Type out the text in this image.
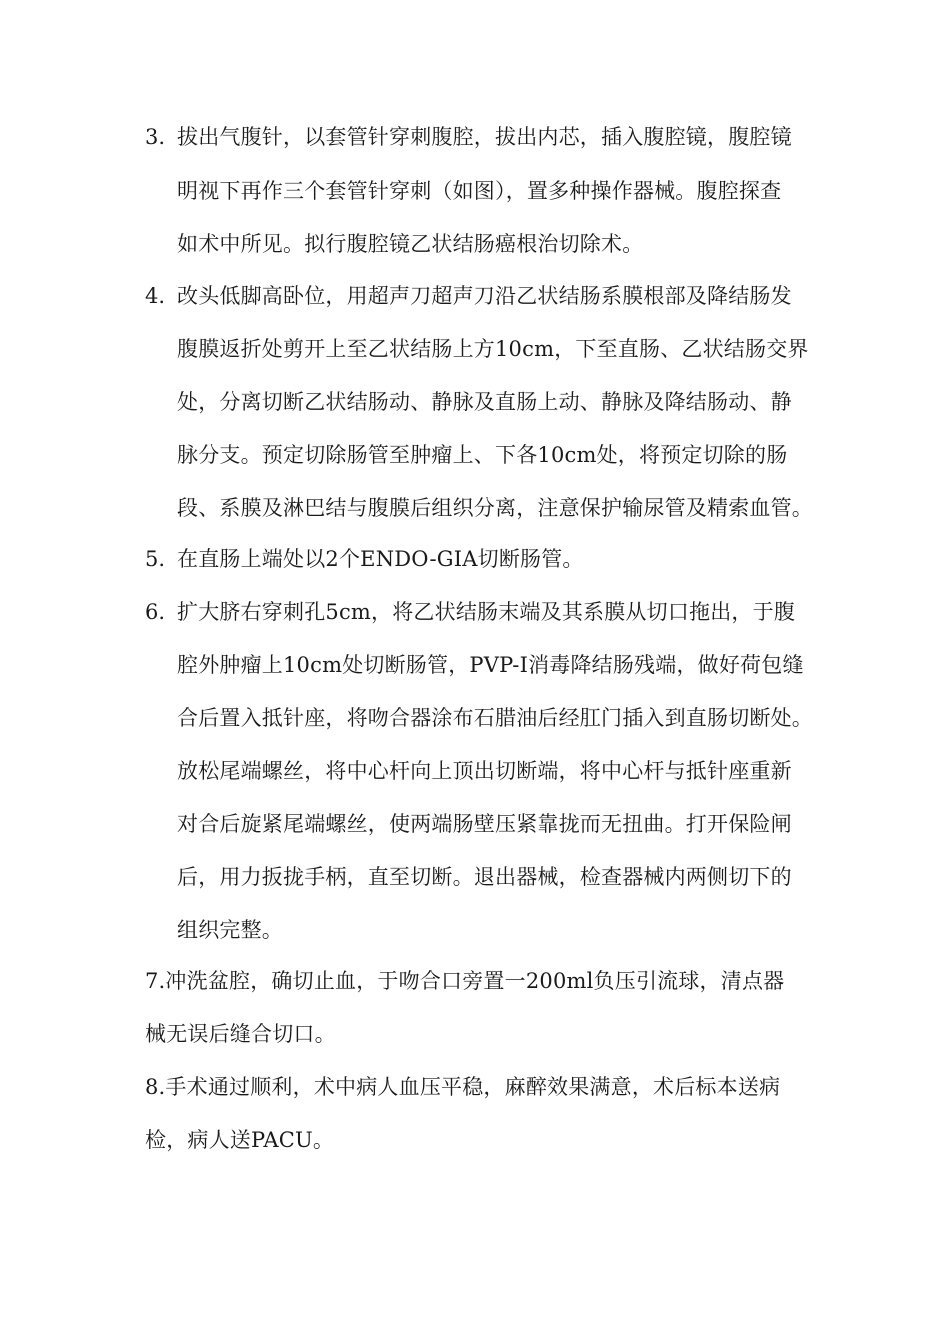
3. 拔出气腹针，以套管针穿刺腹腔，拔出内芯，插入腹腔镜，腹腔镜
明视下再作三个套管针穿刺（如图），置多种操作器械。腹腔探查
如术中所见。拟行腹腔镜乙状结肠癌根治切除术。
4. 改头低脚高卧位，用超声刀超声刀沿乙状结肠系膜根部及降结肠发
腹膜返折处剪开上至乙状结肠上方10cm，下至直肠、乙状结肠交界
处，分离切断乙状结肠动、静脉及直肠上动、静脉及降结肠动、静
脉分支。预定切除肠管至肿瘤上、下各10cm处，将预定切除的肠
段、系膜及淋巴结与腹膜后组织分离，注意保护输尿管及精索血管。
5. 在直肠上端处以2个ENDO-GIA切断肠管。
6. 扩大脐右穿刺孔5cm，将乙状结肠末端及其系膜从切口拖出，于腹
腔外肿瘤上10cm处切断肠管，PVP-I消毒降结肠残端，做好荷包缝
合后置入抵针座，将吻合器涂布石腊油后经肛门插入到直肠切断处。
放松尾端螺丝，将中心杆向上顶出切断端，将中心杆与抵针座重新
对合后旋紧尾端螺丝，使两端肠壁压紧靠拢而无扭曲。打开保险闸
后，用力扳拢手柄，直至切断。退出器械，检查器械内两侧切下的
组织完整。
7.冲洗盆腔，确切止血，于吻合口旁置一200ml负压引流球，清点器
械无误后缝合切口。
8.手术通过顺利，术中病人血压平稳，麻醉效果满意，术后标本送病
检，病人送PACU。
